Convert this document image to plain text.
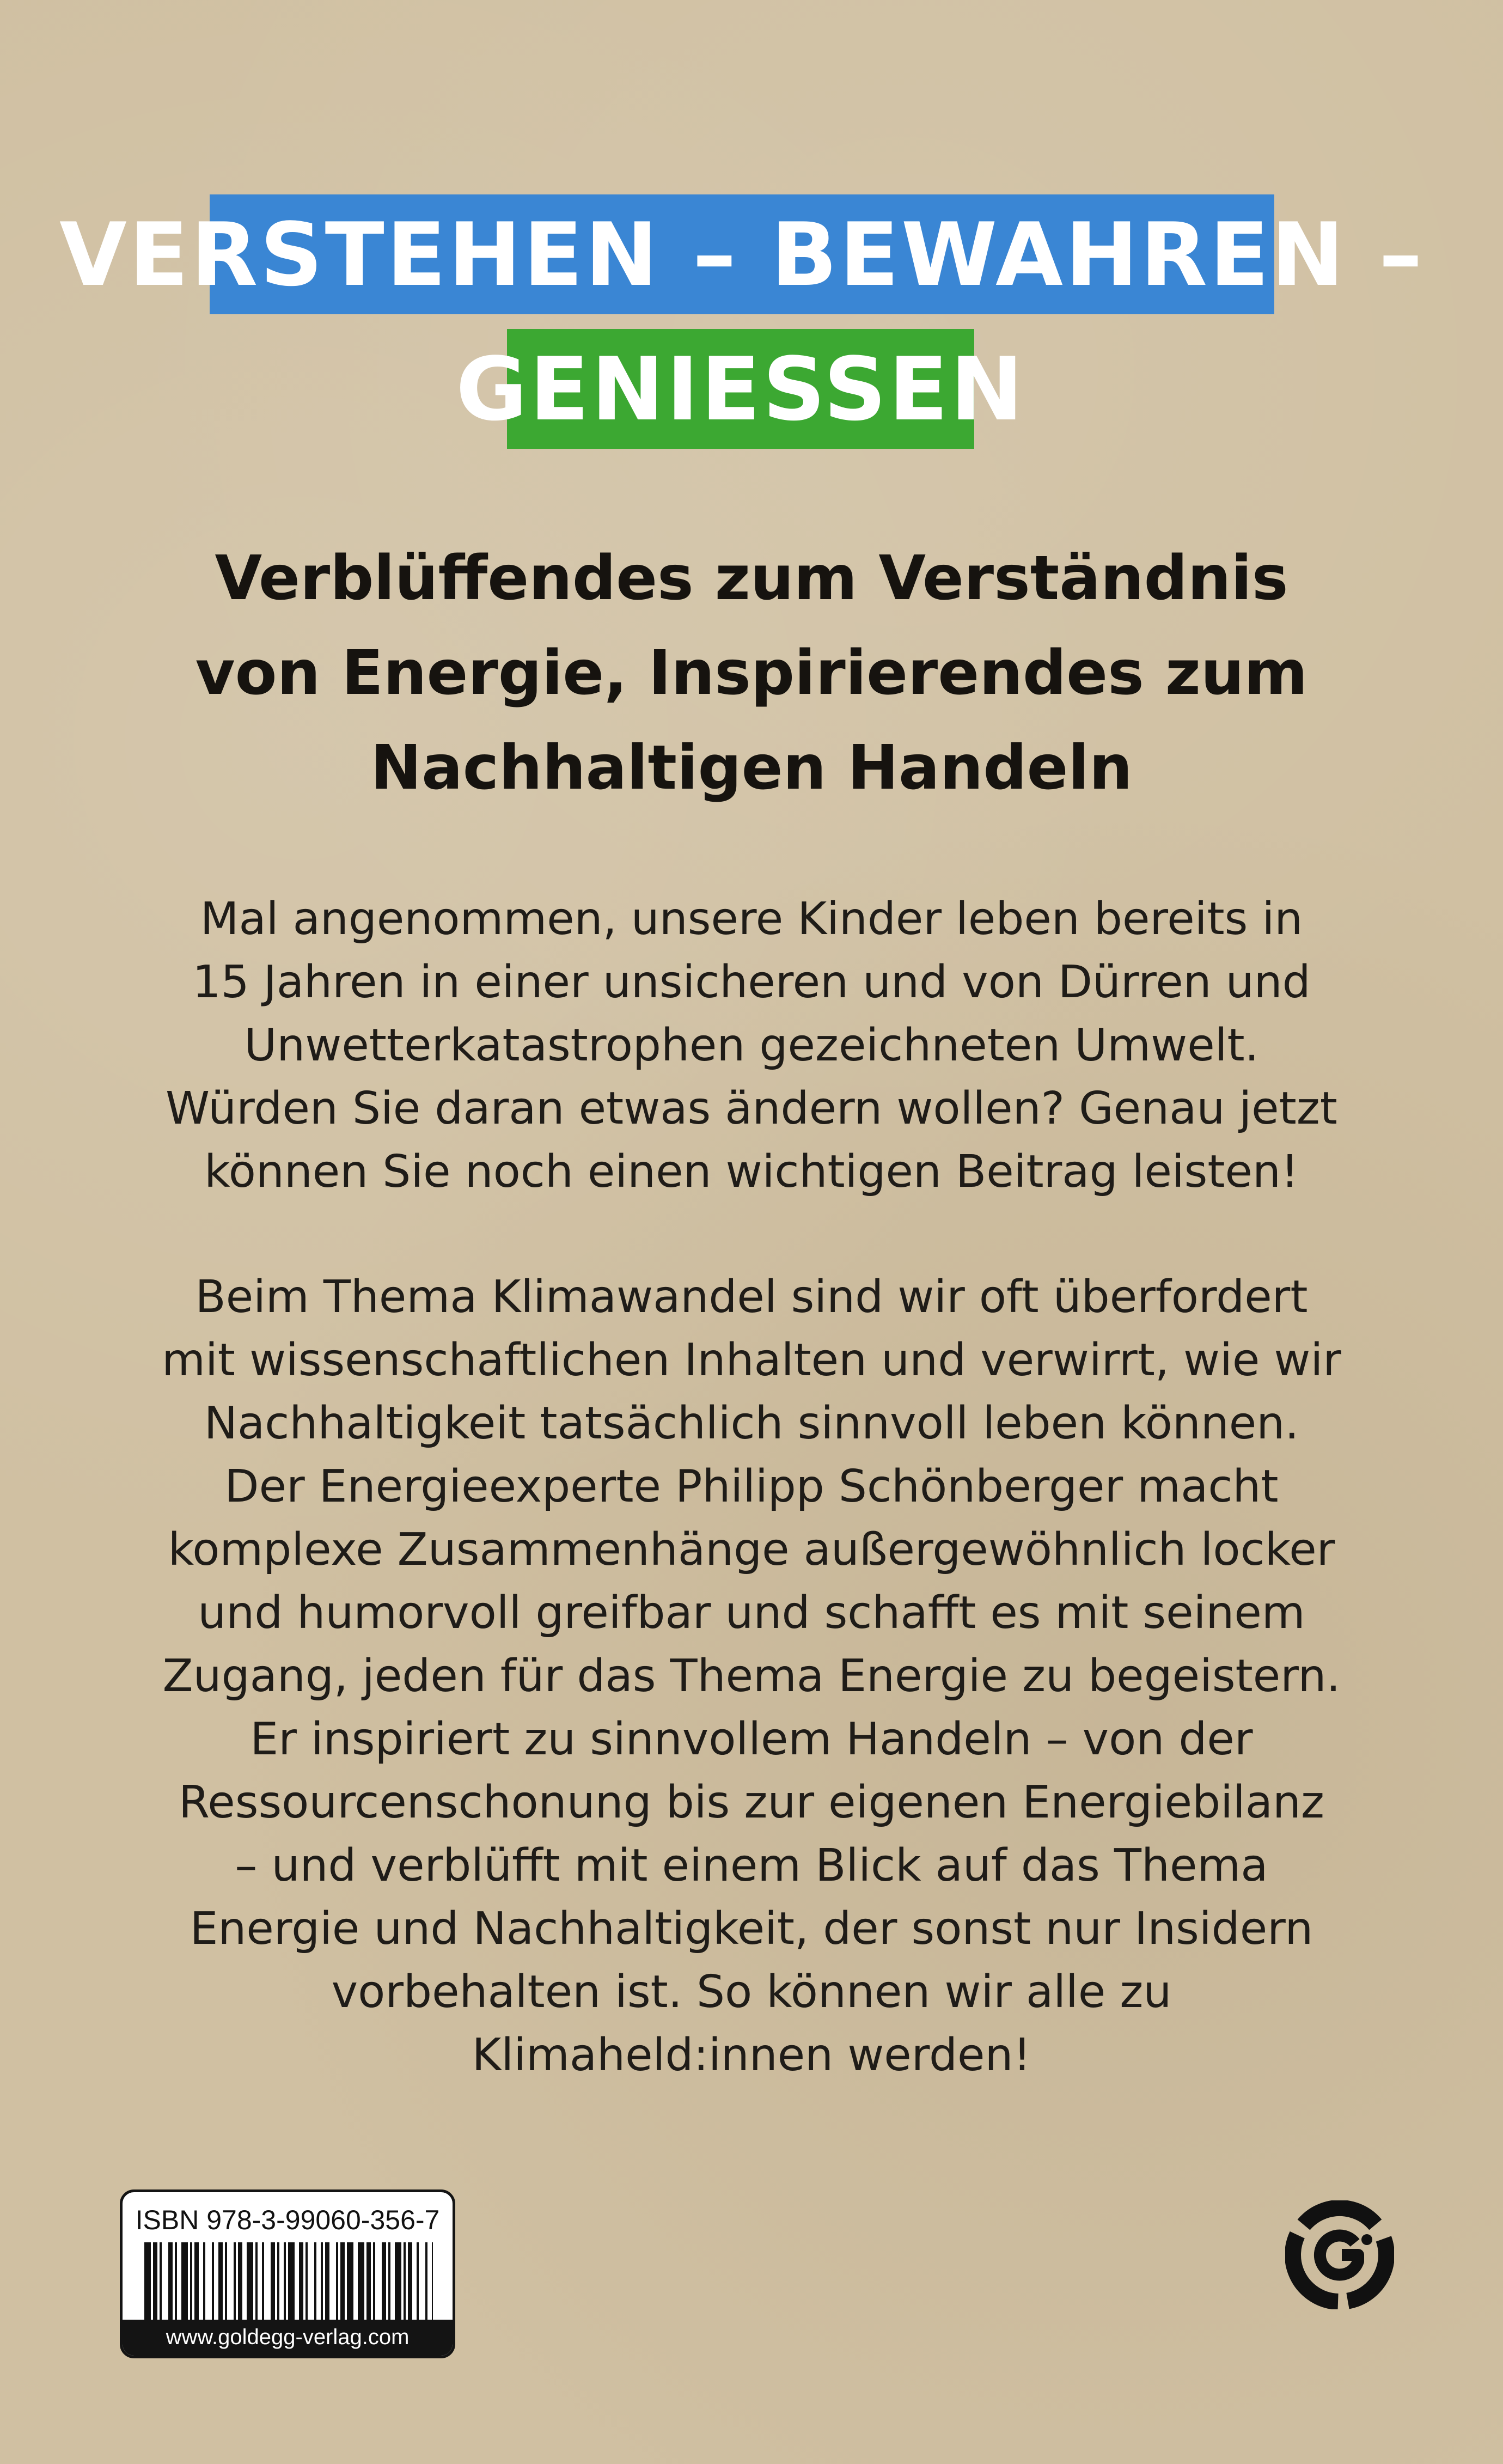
VERSTEHEN – BEWAHREN –
GENIESSEN
Verblüffendes zum Verständnis
von Energie, Inspirierendes zum
Nachhaltigen Handeln
Mal angenommen, unsere Kinder leben bereits in
15 Jahren in einer unsicheren und von Dürren und
Unwetterkatastrophen gezeichneten Umwelt.
Würden Sie daran etwas ändern wollen? Genau jetzt
können Sie noch einen wichtigen Beitrag leisten!
Beim Thema Klimawandel sind wir oft überfordert
mit wissenschaftlichen Inhalten und verwirrt, wie wir
Nachhaltigkeit tatsächlich sinnvoll leben können.
Der Energieexperte Philipp Schönberger macht
komplexe Zusammenhänge außergewöhnlich locker
und humorvoll greifbar und schafft es mit seinem
Zugang, jeden für das Thema Energie zu begeistern.
Er inspiriert zu sinnvollem Handeln – von der
Ressourcenschonung bis zur eigenen Energiebilanz
– und verblüfft mit einem Blick auf das Thema
Energie und Nachhaltigkeit, der sonst nur Insidern
vorbehalten ist. So können wir alle zu
Klimaheld:innen werden!
ISBN 978-3-99060-356-7
www.goldegg-verlag.com
